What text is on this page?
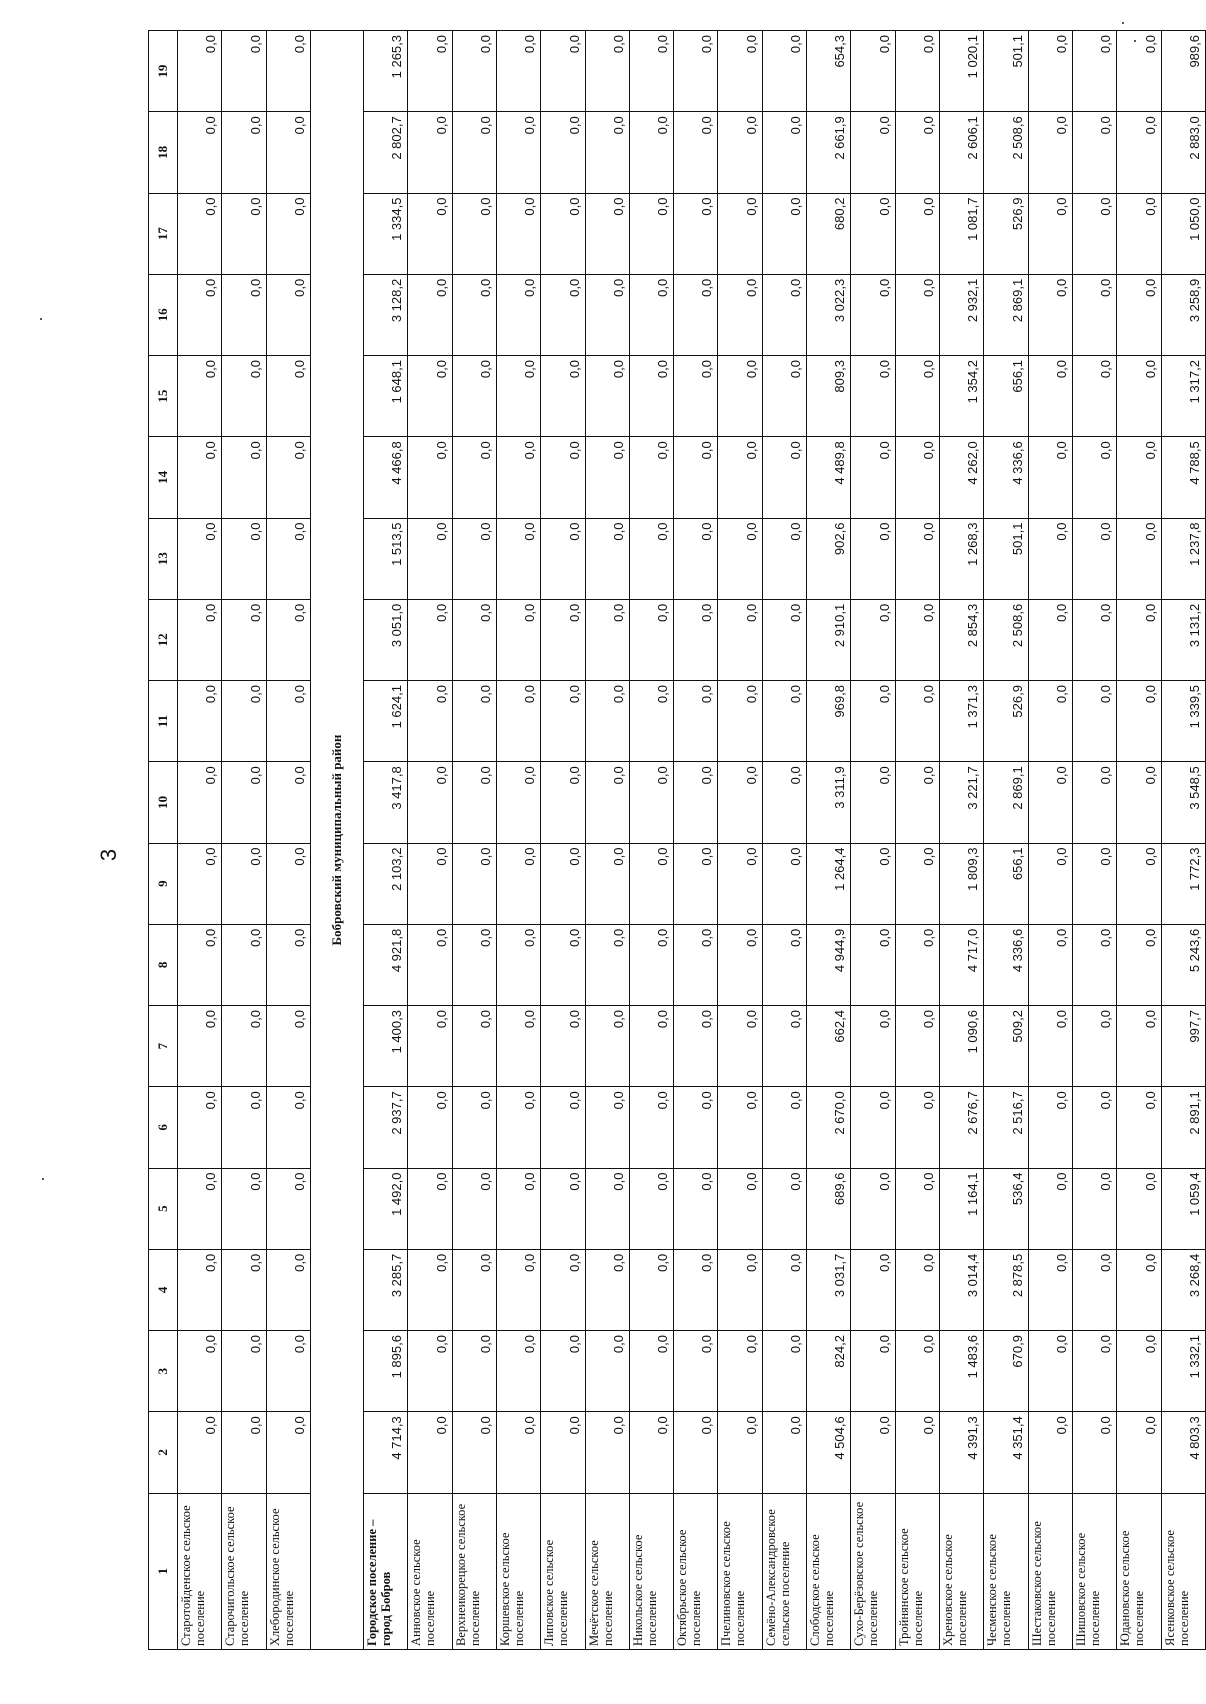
3
1	2	3	4	5	6	7	8	9	10	11	12	13	14	15	16	17	18	19
Старотойденское сельское поселение	0,0	0,0	0,0	0,0	0,0	0,0	0,0	0,0	0,0	0,0	0,0	0,0	0,0	0,0	0,0	0,0	0,0	0,0
Старочигольское сельское поселение	0,0	0,0	0,0	0,0	0,0	0,0	0,0	0,0	0,0	0,0	0,0	0,0	0,0	0,0	0,0	0,0	0,0	0,0
Хлебородинское сельское поселение	0,0	0,0	0,0	0,0	0,0	0,0	0,0	0,0	0,0	0,0	0,0	0,0	0,0	0,0	0,0	0,0	0,0	0,0
Бобровский муниципальный район																		
Городское поселение – город Бобров	4 714,3	1 895,6	3 285,7	1 492,0	2 937,7	1 400,3	4 921,8	2 103,2	3 417,8	1 624,1	3 051,0	1 513,5	4 466,8	1 648,1	3 128,2	1 334,5	2 802,7	1 265,3
Анновское сельское поселение	0,0	0,0	0,0	0,0	0,0	0,0	0,0	0,0	0,0	0,0	0,0	0,0	0,0	0,0	0,0	0,0	0,0	0,0
Верхнеикорецкое сельское поселение	0,0	0,0	0,0	0,0	0,0	0,0	0,0	0,0	0,0	0,0	0,0	0,0	0,0	0,0	0,0	0,0	0,0	0,0
Коршевское сельское поселение	0,0	0,0	0,0	0,0	0,0	0,0	0,0	0,0	0,0	0,0	0,0	0,0	0,0	0,0	0,0	0,0	0,0	0,0
Липовское сельское поселение	0,0	0,0	0,0	0,0	0,0	0,0	0,0	0,0	0,0	0,0	0,0	0,0	0,0	0,0	0,0	0,0	0,0	0,0
Мечётское сельское поселение	0,0	0,0	0,0	0,0	0,0	0,0	0,0	0,0	0,0	0,0	0,0	0,0	0,0	0,0	0,0	0,0	0,0	0,0
Никольское сельское поселение	0,0	0,0	0,0	0,0	0,0	0,0	0,0	0,0	0,0	0,0	0,0	0,0	0,0	0,0	0,0	0,0	0,0	0,0
Октябрьское сельское поселение	0,0	0,0	0,0	0,0	0,0	0,0	0,0	0,0	0,0	0,0	0,0	0,0	0,0	0,0	0,0	0,0	0,0	0,0
Пчелиновское сельское поселение	0,0	0,0	0,0	0,0	0,0	0,0	0,0	0,0	0,0	0,0	0,0	0,0	0,0	0,0	0,0	0,0	0,0	0,0
Семёно-Александровское сельское поселение	0,0	0,0	0,0	0,0	0,0	0,0	0,0	0,0	0,0	0,0	0,0	0,0	0,0	0,0	0,0	0,0	0,0	0,0
Слободское сельское поселение	4 504,6	824,2	3 031,7	689,6	2 670,0	662,4	4 944,9	1 264,4	3 311,9	969,8	2 910,1	902,6	4 489,8	809,3	3 022,3	680,2	2 661,9	654,3
Сухо-Берёзовское сельское поселение	0,0	0,0	0,0	0,0	0,0	0,0	0,0	0,0	0,0	0,0	0,0	0,0	0,0	0,0	0,0	0,0	0,0	0,0
Тройнянское сельское поселение	0,0	0,0	0,0	0,0	0,0	0,0	0,0	0,0	0,0	0,0	0,0	0,0	0,0	0,0	0,0	0,0	0,0	0,0
Хреновское сельское поселение	4 391,3	1 483,6	3 014,4	1 164,1	2 676,7	1 090,6	4 717,0	1 809,3	3 221,7	1 371,3	2 854,3	1 268,3	4 262,0	1 354,2	2 932,1	1 081,7	2 606,1	1 020,1
Чесменское сельское поселение	4 351,4	670,9	2 878,5	536,4	2 516,7	509,2	4 336,6	656,1	2 869,1	526,9	2 508,6	501,1	4 336,6	656,1	2 869,1	526,9	2 508,6	501,1
Шестаковское сельское поселение	0,0	0,0	0,0	0,0	0,0	0,0	0,0	0,0	0,0	0,0	0,0	0,0	0,0	0,0	0,0	0,0	0,0	0,0
Шишовское сельское поселение	0,0	0,0	0,0	0,0	0,0	0,0	0,0	0,0	0,0	0,0	0,0	0,0	0,0	0,0	0,0	0,0	0,0	0,0
Юдановское сельское поселение	0,0	0,0	0,0	0,0	0,0	0,0	0,0	0,0	0,0	0,0	0,0	0,0	0,0	0,0	0,0	0,0	0,0	0,0
Ясенковское сельское поселение	4 803,3	1 332,1	3 268,4	1 059,4	2 891,1	997,7	5 243,6	1 772,3	3 548,5	1 339,5	3 131,2	1 237,8	4 788,5	1 317,2	3 258,9	1 050,0	2 883,0	989,6
